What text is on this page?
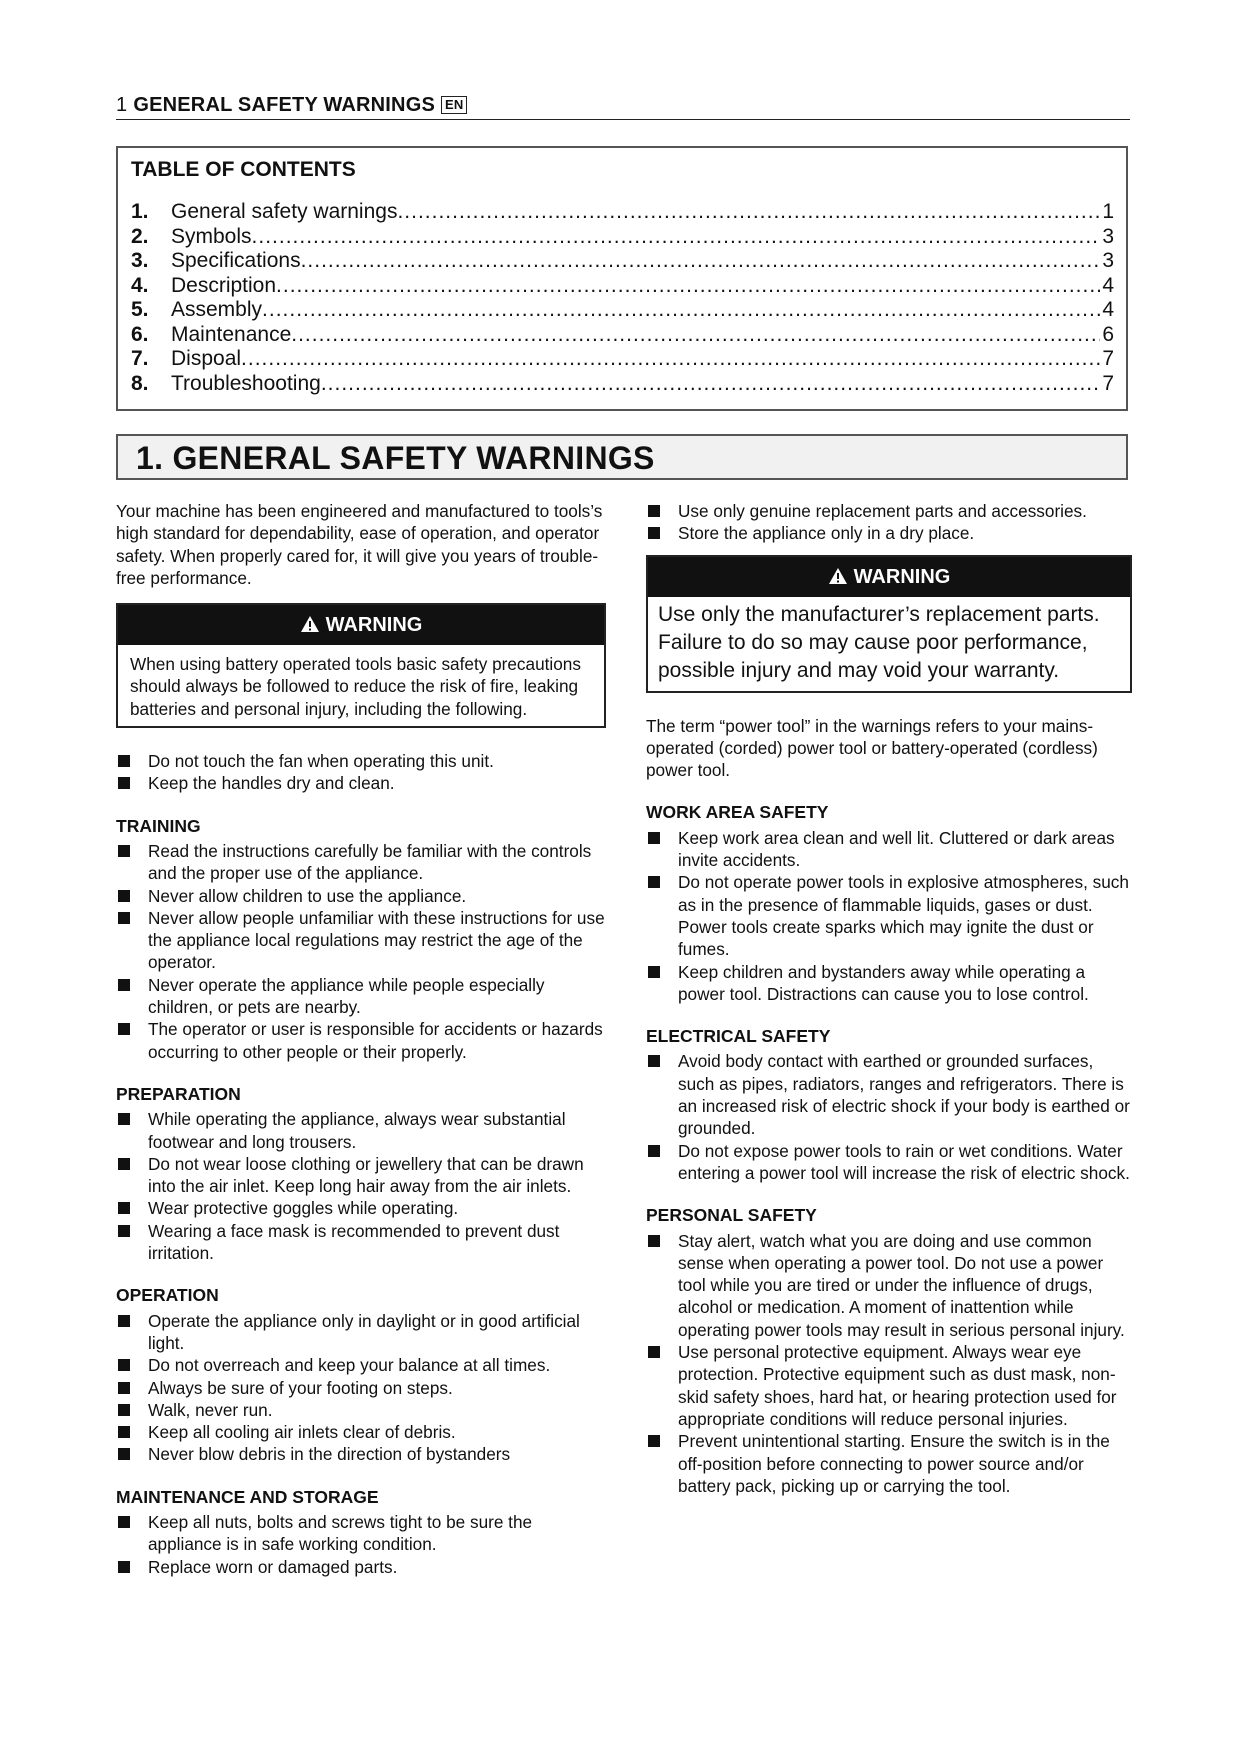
1 GENERAL SAFETY WARNINGS EN
TABLE OF CONTENTS
1.	General safety warnings .....	1
2.	Symbols .....	3
3.	Specifications .....	3
4.	Description .....	4
5.	Assembly .....	4
6.	Maintenance .....	6
7.	Dispoal .....	7
8.	Troubleshooting .....	7
1. GENERAL SAFETY WARNINGS

Your machine has been engineered and manufactured to tools’s high standard for dependability, ease of operation, and operator safety. When properly cared for, it will give you years of trouble-free performance.

WARNING
When using battery operated tools basic safety precautions should always be followed to reduce the risk of fire, leaking batteries and personal injury, including the following.
Do not touch the fan when operating this unit.
Keep the handles dry and clean.
TRAINING
Read the instructions carefully be familiar with the controls and the proper use of the appliance.
Never allow children to use the appliance.
Never allow people unfamiliar with these instructions for use the appliance local regulations may restrict the age of the operator.
Never operate the appliance while people especially children, or pets are nearby.
The operator or user is responsible for accidents or hazards occurring to other people or their properly.
PREPARATION
While operating the appliance, always wear substantial footwear and long trousers.
Do not wear loose clothing or jewellery that can be drawn into the air inlet. Keep long hair away from the air inlets.
Wear protective goggles while operating.
Wearing a face mask is recommended to prevent dust irritation.
OPERATION
Operate the appliance only in daylight or in good artificial light.
Do not overreach and keep your balance at all times.
Always be sure of your footing on steps.
Walk, never run.
Keep all cooling air inlets clear of debris.
Never blow debris in the direction of bystanders
MAINTENANCE AND STORAGE
Keep all nuts, bolts and screws tight to be sure the appliance is in safe working condition.
Replace worn or damaged parts.
Use only genuine replacement parts and accessories.
Store the appliance only in a dry place.
WARNING
Use only the manufacturer’s replacement parts. Failure to do so may cause poor performance, possible injury and may void your warranty.

The term “power tool” in the warnings refers to your mains-operated (corded) power tool or battery-operated (cordless) power tool.

WORK AREA SAFETY
Keep work area clean and well lit. Cluttered or dark areas invite accidents.
Do not operate power tools in explosive atmospheres, such as in the presence of flammable liquids, gases or dust. Power tools create sparks which may ignite the dust or fumes.
Keep children and bystanders away while operating a power tool. Distractions can cause you to lose control.
ELECTRICAL SAFETY
Avoid body contact with earthed or grounded surfaces, such as pipes, radiators, ranges and refrigerators. There is an increased risk of electric shock if your body is earthed or grounded.
Do not expose power tools to rain or wet conditions. Water entering a power tool will increase the risk of electric shock.
PERSONAL SAFETY
Stay alert, watch what you are doing and use common sense when operating a power tool. Do not use a power tool while you are tired or under the influence of drugs, alcohol or medication. A moment of inattention while operating power tools may result in serious personal injury.
Use personal protective equipment. Always wear eye protection. Protective equipment such as dust mask, non-skid safety shoes, hard hat, or hearing protection used for appropriate conditions will reduce personal injuries.
Prevent unintentional starting. Ensure the switch is in the off-position before connecting to power source and/or battery pack, picking up or carrying the tool.
